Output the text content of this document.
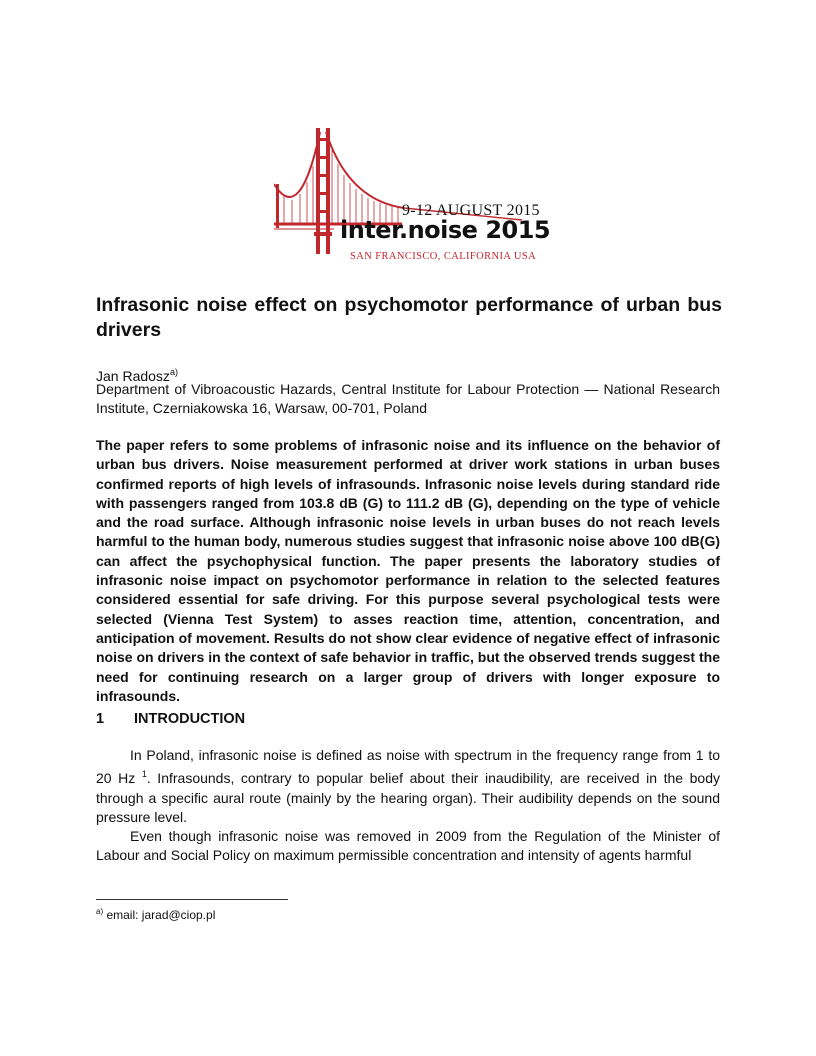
9-12 AUGUST 2015
inter.noise 2015
SAN FRANCISCO, CALIFORNIA USA
Infrasonic noise effect on psychomotor performance of urban bus drivers
Jan Radosz$^{a)}$
Department of Vibroacoustic Hazards, Central Institute for Labour Protection — National Research Institute, Czerniakowska 16, Warsaw, 00-701, Poland

The paper refers to some problems of infrasonic noise and its influence on the behavior of urban bus drivers. Noise measurement performed at driver work stations in urban buses confirmed reports of high levels of infrasounds. Infrasonic noise levels during standard ride with passengers ranged from 103.8 dB (G) to 111.2 dB (G), depending on the type of vehicle and the road surface. Although infrasonic noise levels in urban buses do not reach levels harmful to the human body, numerous studies suggest that infrasonic noise above 100 dB(G) can affect the psychophysical function. The paper presents the laboratory studies of infrasonic noise impact on psychomotor performance in relation to the selected features considered essential for safe driving. For this purpose several psychological tests were selected (Vienna Test System) to asses reaction time, attention, concentration, and anticipation of movement. Results do not show clear evidence of negative effect of infrasonic noise on drivers in the context of safe behavior in traffic, but the observed trends suggest the need for continuing research on a larger group of drivers with longer exposure to infrasounds.

1 INTRODUCTION

In Poland, infrasonic noise is defined as noise with spectrum in the frequency range from 1 to 20 Hz $^1$. Infrasounds, contrary to popular belief about their inaudibility, are received in the body through a specific aural route (mainly by the hearing organ). Their audibility depends on the sound pressure level.

Even though infrasonic noise was removed in 2009 from the Regulation of the Minister of Labour and Social Policy on maximum permissible concentration and intensity of agents harmful

$^{a)}$ email: jarad@ciop.pl
